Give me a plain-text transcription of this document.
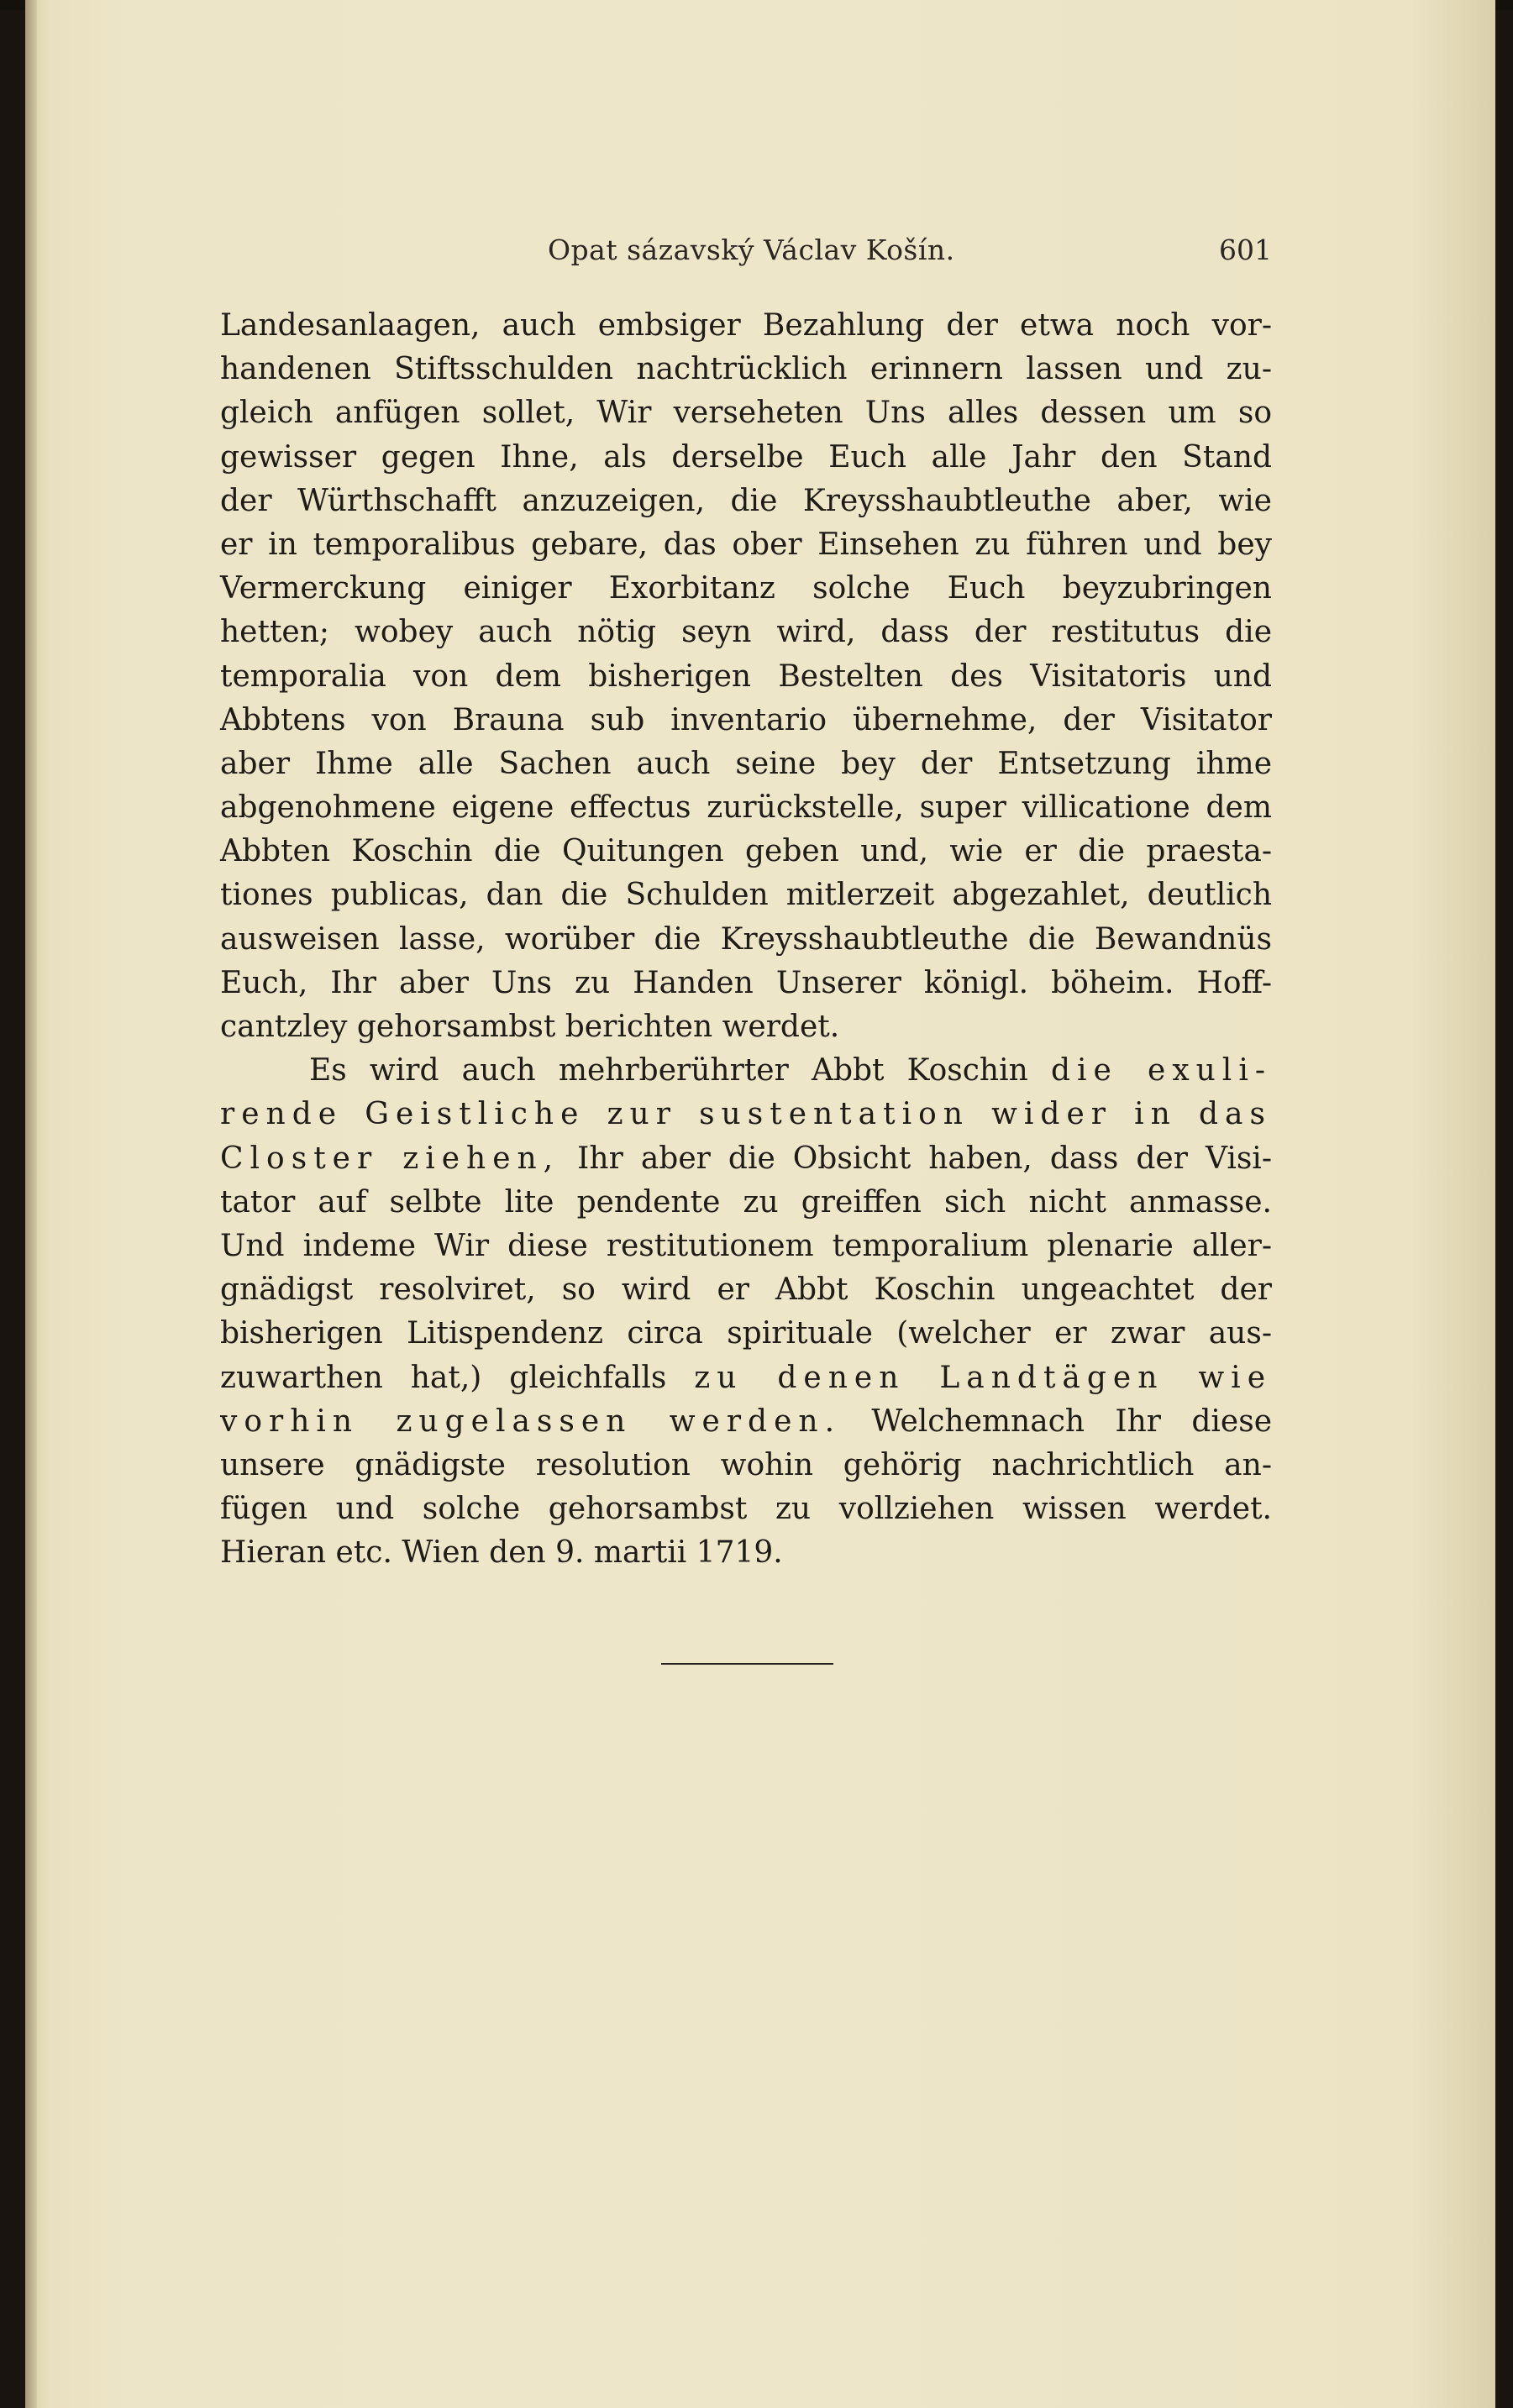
Opat sázavský Václav Košín.	601
Landesanlaagen, auch embsiger Bezahlung der etwa noch vor-
handenen Stiftsschulden nachtrücklich erinnern lassen und zu-
gleich anfügen sollet, Wir verseheten Uns alles dessen um so
gewisser gegen Ihne, als derselbe Euch alle Jahr den Stand
der Würthschafft anzuzeigen, die Kreysshaubtleuthe aber, wie
er in temporalibus gebare, das ober Einsehen zu führen und bey
Vermerckung einiger Exorbitanz solche Euch beyzubringen
hetten; wobey auch nötig seyn wird, dass der restitutus die
temporalia von dem bisherigen Bestelten des Visitatoris und
Abbtens von Brauna sub inventario übernehme, der Visitator
aber Ihme alle Sachen auch seine bey der Entsetzung ihme
abgenohmene eigene effectus zurückstelle, super villicatione dem
Abbten Koschin die Quitungen geben und, wie er die praesta-
tiones publicas, dan die Schulden mitlerzeit abgezahlet, deutlich
ausweisen lasse, worüber die Kreysshaubtleuthe die Bewandnüs
Euch, Ihr aber Uns zu Handen Unserer königl. böheim. Hoff-
cantzley gehorsambst berichten werdet.
Es wird auch mehrberührter Abbt Koschin die exuli-
rende Geistliche zur sustentation wider in das
Closter ziehen, Ihr aber die Obsicht haben, dass der Visi-
tator auf selbte lite pendente zu greiffen sich nicht anmasse.
Und indeme Wir diese restitutionem temporalium plenarie aller-
gnädigst resolviret, so wird er Abbt Koschin ungeachtet der
bisherigen Litispendenz circa spirituale (welcher er zwar aus-
zuwarthen hat,) gleichfalls zu denen Landtägen wie
vorhin zugelassen werden. Welchemnach Ihr diese
unsere gnädigste resolution wohin gehörig nachrichtlich an-
fügen und solche gehorsambst zu vollziehen wissen werdet.
Hieran etc. Wien den 9. martii 1719.
